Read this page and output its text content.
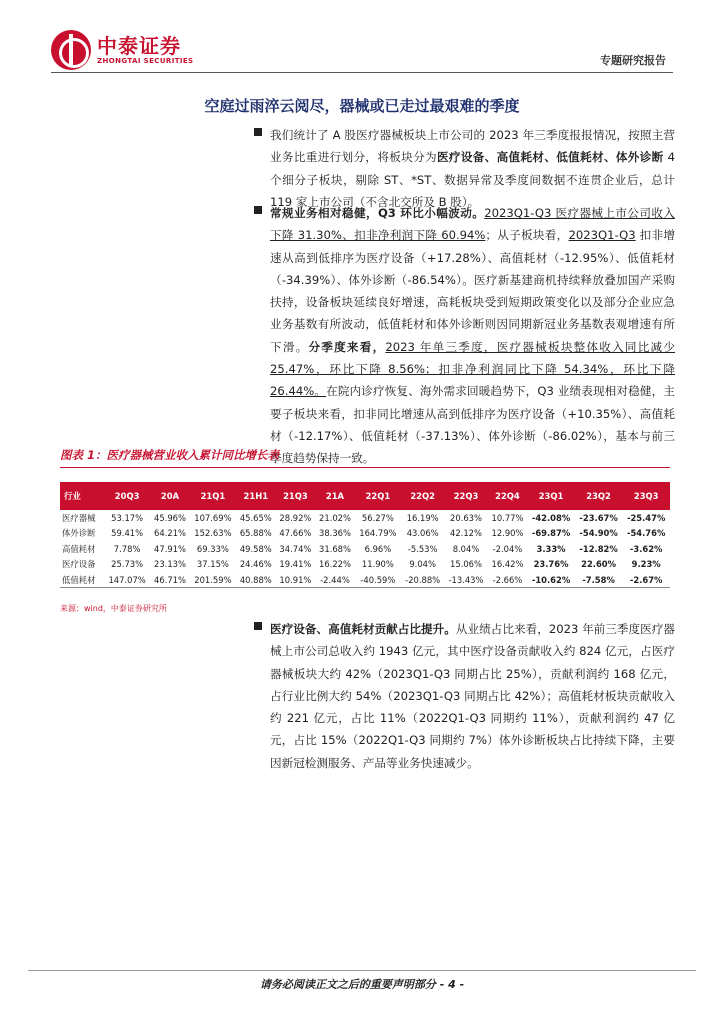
中泰证券
ZHONGTAI SECURITIES	专题研究报告
空庭过雨淬云阅尽，器械或已走过最艰难的季度
我们统计了 A 股医疗器械板块上市公司的 2023 年三季度报报情况，按照主营业务比重进行划分，将板块分为医疗设备、高值耗材、低值耗材、体外诊断 4 个细分子板块，剔除 ST、*ST、数据异常及季度间数据不连贯企业后，总计 119 家上市公司（不含北交所及 B 股）。
常规业务相对稳健，Q3 环比小幅波动。2023Q1-Q3 医疗器械上市公司收入下降 31.30%、扣非净利润下降 60.94%；从子板块看，2023Q1-Q3 扣非增速从高到低排序为医疗设备（+17.28%）、高值耗材（-12.95%）、低值耗材（-34.39%）、体外诊断（-86.54%）。医疗新基建商机持续释放叠加国产采购扶持，设备板块延续良好增速，高耗板块受到短期政策变化以及部分企业应急业务基数有所波动，低值耗材和体外诊断则因同期新冠业务基数表观增速有所下滑。分季度来看，2023 年单三季度，医疗器械板块整体收入同比减少 25.47%，环比下降 8.56%；扣非净利润同比下降 54.34%，环比下降 26.44%。在院内诊疗恢复、海外需求回暖趋势下，Q3 业绩表现相对稳健，主要子板块来看，扣非同比增速从高到低排序为医疗设备（+10.35%）、高值耗材（-12.17%）、低值耗材（-37.13%）、体外诊断（-86.02%），基本与前三季度趋势保持一致。
图表 1：医疗器械营业收入累计同比增长表
行业	20Q3	20A	21Q1	21H1	21Q3	21A	22Q1	22Q2	22Q3	22Q4	23Q1	23Q2	23Q3
医疗器械	53.17%	45.96%	107.69%	45.65%	28.92%	21.02%	56.27%	16.19%	20.63%	10.77%	-42.08%	-23.67%	-25.47%
体外诊断	59.41%	64.21%	152.63%	65.88%	47.66%	38.36%	164.79%	43.06%	42.12%	12.90%	-69.87%	-54.90%	-54.76%
高值耗材	7.78%	47.91%	69.33%	49.58%	34.74%	31.68%	6.96%	-5.53%	8.04%	-2.04%	3.33%	-12.82%	-3.62%
医疗设备	25.73%	23.13%	37.15%	24.46%	19.41%	16.22%	11.90%	9.04%	15.06%	16.42%	23.76%	22.60%	9.23%
低值耗材	147.07%	46.71%	201.59%	40.88%	10.91%	-2.44%	-40.59%	-20.88%	-13.43%	-2.66%	-10.62%	-7.58%	-2.67%
来源：wind，中泰证券研究所
医疗设备、高值耗材贡献占比提升。从业绩占比来看，2023 年前三季度医疗器械上市公司总收入约 1943 亿元，其中医疗设备贡献收入约 824 亿元，占医疗器械板块大约 42%（2023Q1-Q3 同期占比 25%），贡献利润约 168 亿元，占行业比例大约 54%（2023Q1-Q3 同期占比 42%）；高值耗材板块贡献收入约 221 亿元，占比 11%（2022Q1-Q3 同期约 11%），贡献利润约 47 亿元，占比 15%（2022Q1-Q3 同期约 7%）体外诊断板块占比持续下降，主要因新冠检测服务、产品等业务快速减少。
请务必阅读正文之后的重要声明部分 - 4 -
